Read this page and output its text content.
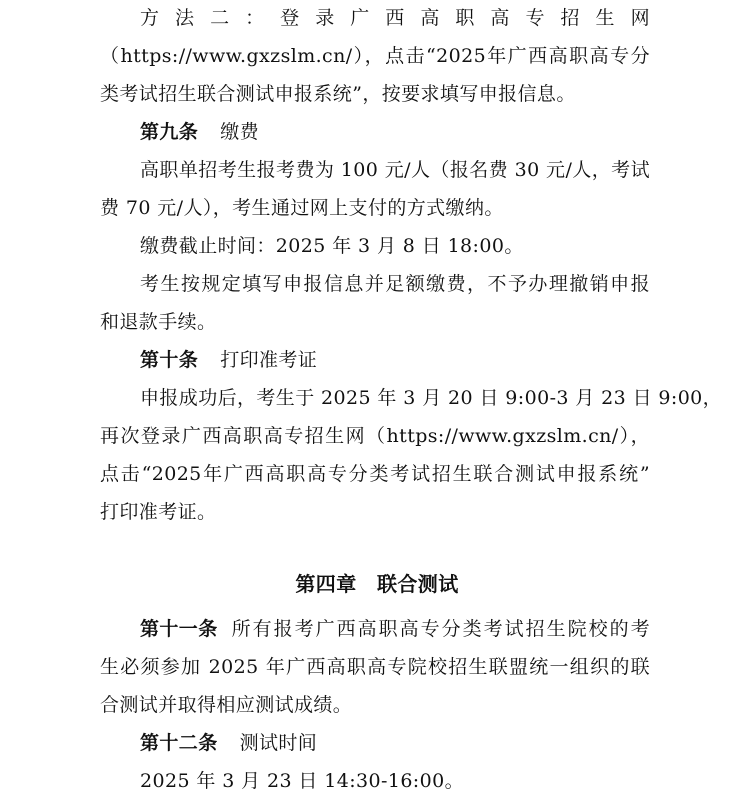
方 法 二 ： 登 录 广 西 高 职 高 专 招 生 网
（https://www.gxzslm.cn/），点击“2025年广西高职高专分
类考试招生联合测试申报系统”，按要求填写申报信息。
第九条 缴费
高职单招考生报考费为 100 元/人（报名费 30 元/人，考试
费 70 元/人），考生通过网上支付的方式缴纳。
缴费截止时间：2025 年 3 月 8 日 18:00。
考生按规定填写申报信息并足额缴费，不予办理撤销申报
和退款手续。
第十条 打印准考证
申报成功后，考生于 2025 年 3 月 20 日 9:00-3 月 23 日 9:00，
再次登录广西高职高专招生网（https://www.gxzslm.cn/），
点击“2025年广西高职高专分类考试招生联合测试申报系统”
打印准考证。
第四章　联合测试
第十一条 所有报考广西高职高专分类考试招生院校的考
生必须参加 2025 年广西高职高专院校招生联盟统一组织的联
合测试并取得相应测试成绩。
第十二条 测试时间
2025 年 3 月 23 日 14:30-16:00。
